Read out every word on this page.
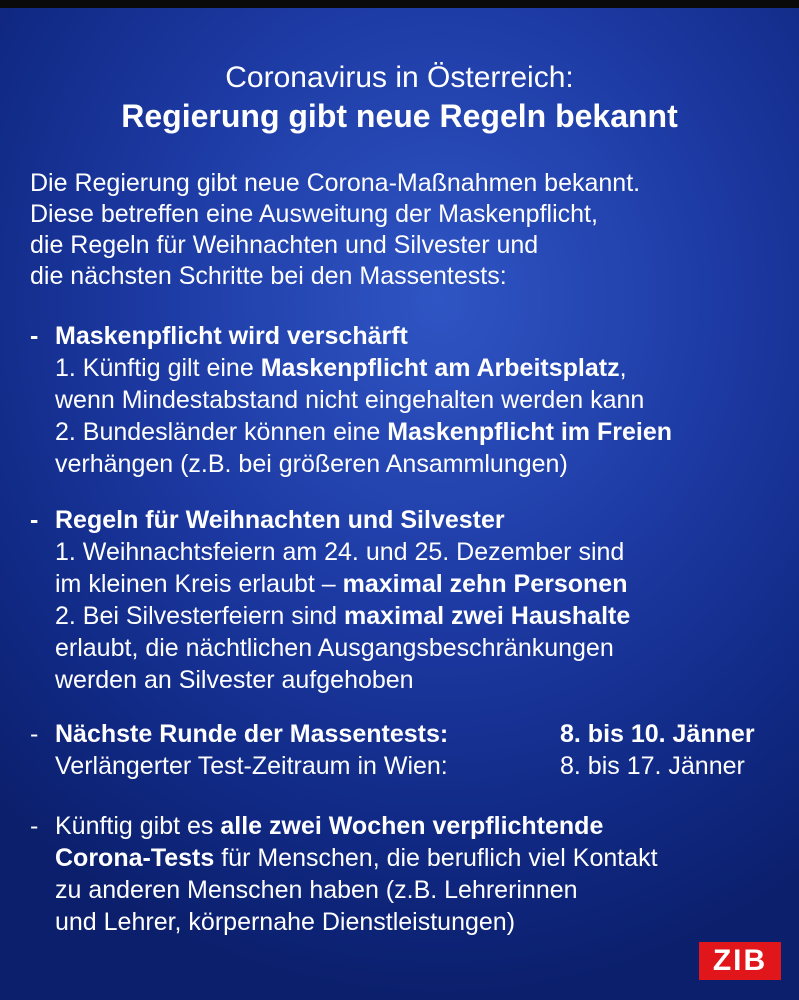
Coronavirus in Österreich:
Regierung gibt neue Regeln bekannt
Die Regierung gibt neue Corona-Maßnahmen bekannt.
Diese betreffen eine Ausweitung der Maskenpflicht,
die Regeln für Weihnachten und Silvester und
die nächsten Schritte bei den Massentests:
- Maskenpflicht wird verschärft
1. Künftig gilt eine Maskenpflicht am Arbeitsplatz,
wenn Mindestabstand nicht eingehalten werden kann
2. Bundesländer können eine Maskenpflicht im Freien
verhängen (z.B. bei größeren Ansammlungen)
- Regeln für Weihnachten und Silvester
1. Weihnachtsfeiern am 24. und 25. Dezember sind
im kleinen Kreis erlaubt – maximal zehn Personen
2. Bei Silvesterfeiern sind maximal zwei Haushalte
erlaubt, die nächtlichen Ausgangsbeschränkungen
werden an Silvester aufgehoben
- Nächste Runde der Massentests:	8. bis 10. Jänner
Verlängerter Test-Zeitraum in Wien:	8. bis 17. Jänner
- Künftig gibt es alle zwei Wochen verpflichtende
Corona-Tests für Menschen, die beruflich viel Kontakt
zu anderen Menschen haben (z.B. Lehrerinnen
und Lehrer, körpernahe Dienstleistungen)
ZIB
